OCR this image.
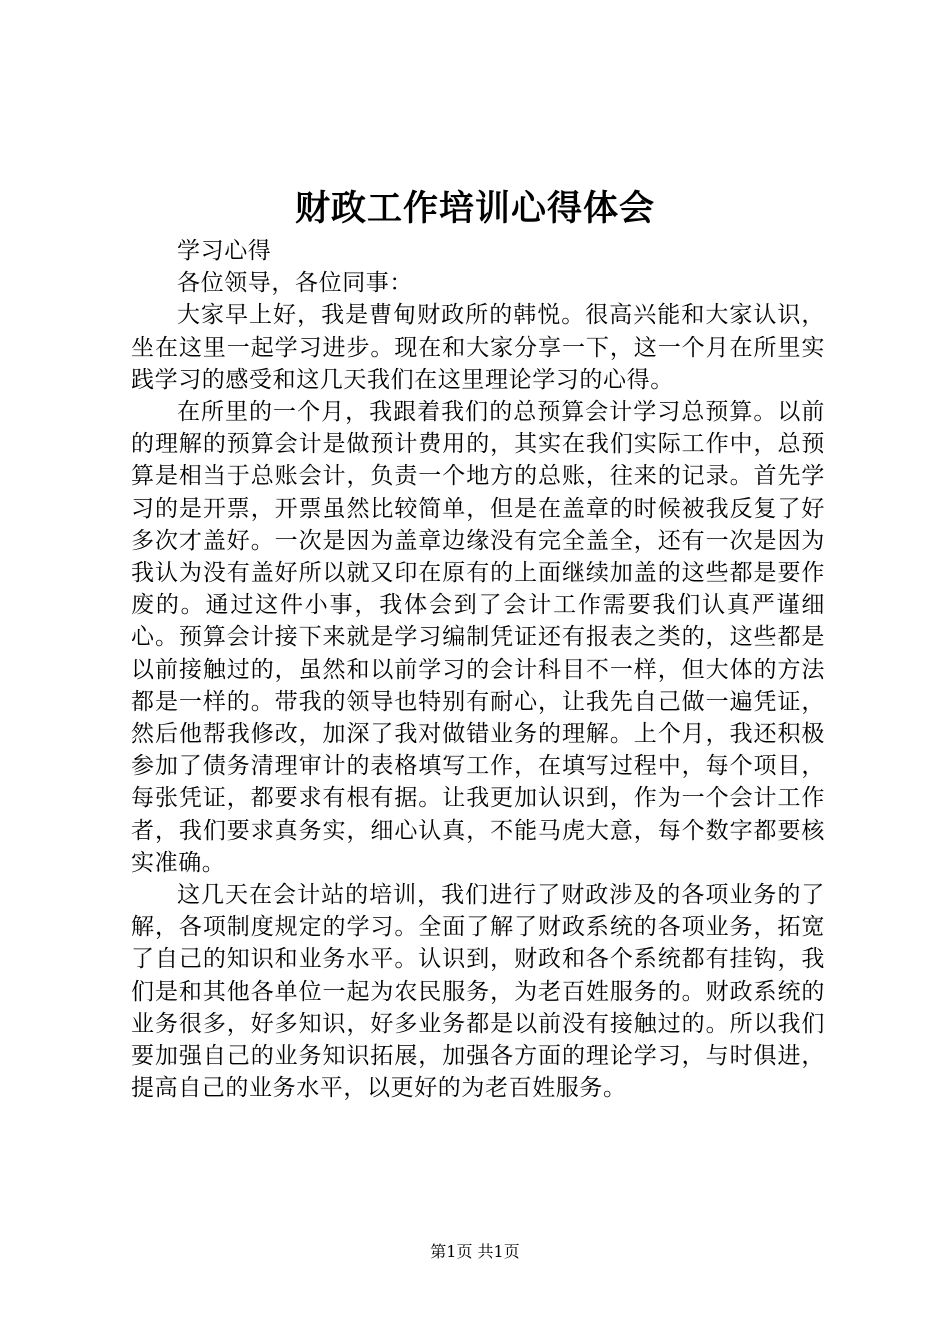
财政工作培训心得体会

学习心得

各位领导，各位同事：

大家早上好，我是曹甸财政所的韩悦。很高兴能和大家认识，坐在这里一起学习进步。现在和大家分享一下，这一个月在所里实践学习的感受和这几天我们在这里理论学习的心得。

在所里的一个月，我跟着我们的总预算会计学习总预算。以前的理解的预算会计是做预计费用的，其实在我们实际工作中，总预算是相当于总账会计，负责一个地方的总账，往来的记录。首先学习的是开票，开票虽然比较简单，但是在盖章的时候被我反复了好多次才盖好。一次是因为盖章边缘没有完全盖全，还有一次是因为我认为没有盖好所以就又印在原有的上面继续加盖的这些都是要作废的。通过这件小事，我体会到了会计工作需要我们认真严谨细心。预算会计接下来就是学习编制凭证还有报表之类的，这些都是以前接触过的，虽然和以前学习的会计科目不一样，但大体的方法都是一样的。带我的领导也特别有耐心，让我先自己做一遍凭证，然后他帮我修改，加深了我对做错业务的理解。上个月，我还积极参加了债务清理审计的表格填写工作，在填写过程中，每个项目，每张凭证，都要求有根有据。让我更加认识到，作为一个会计工作者，我们要求真务实，细心认真，不能马虎大意，每个数字都要核实准确。

这几天在会计站的培训，我们进行了财政涉及的各项业务的了解，各项制度规定的学习。全面了解了财政系统的各项业务，拓宽了自己的知识和业务水平。认识到，财政和各个系统都有挂钩，我们是和其他各单位一起为农民服务，为老百姓服务的。财政系统的业务很多，好多知识，好多业务都是以前没有接触过的。所以我们要加强自己的业务知识拓展，加强各方面的理论学习，与时俱进，提高自己的业务水平，以更好的为老百姓服务。

第1页 共1页
